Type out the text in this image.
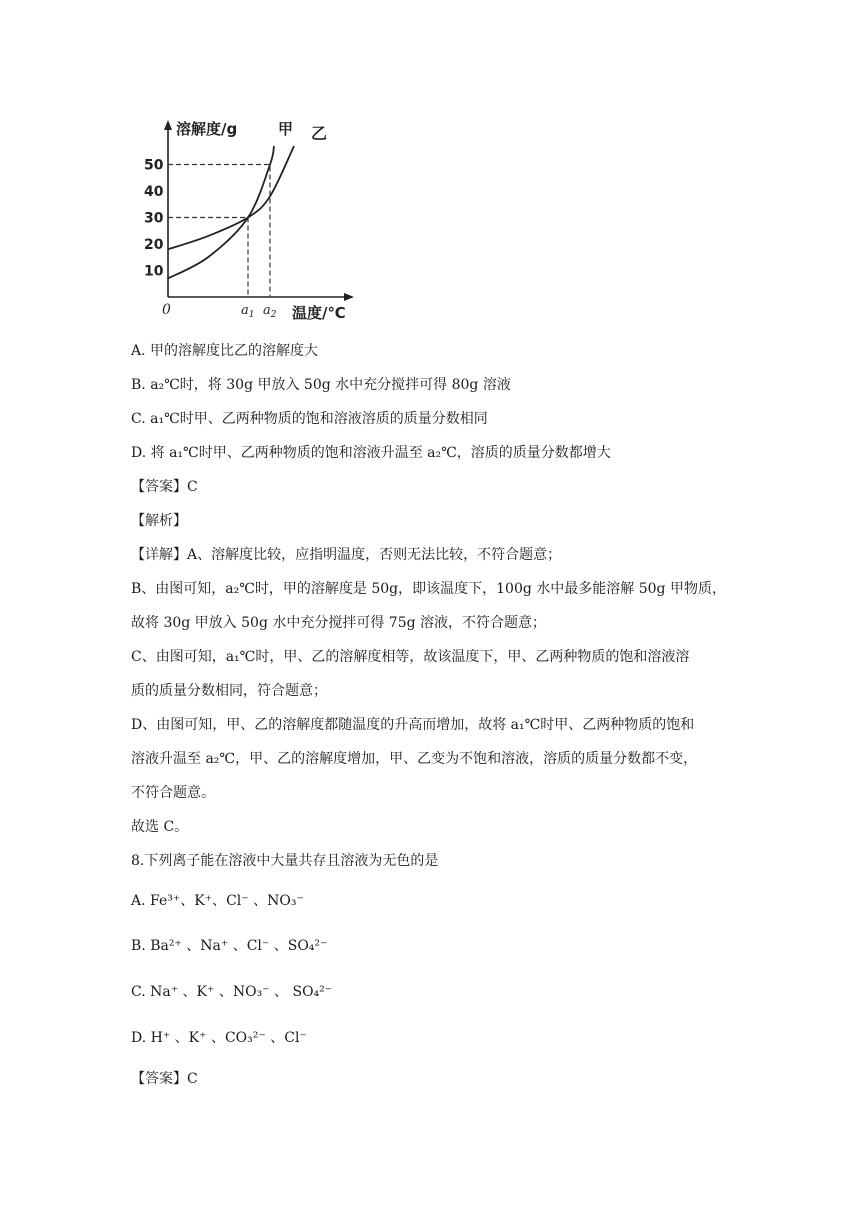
溶解度/g
温度/℃
0
10
20
30
40
50
$a_1$ $a_2$
甲 乙
A. 甲的溶解度比乙的溶解度大
B. a₂℃时，将 30g 甲放入 50g 水中充分搅拌可得 80g 溶液
C. a₁℃时甲、乙两种物质的饱和溶液溶质的质量分数相同
D. 将 a₁℃时甲、乙两种物质的饱和溶液升温至 a₂℃，溶质的质量分数都增大
【答案】C
【解析】
【详解】A、溶解度比较，应指明温度，否则无法比较，不符合题意；
B、由图可知，a₂℃时，甲的溶解度是 50g，即该温度下，100g 水中最多能溶解 50g 甲物质，
故将 30g 甲放入 50g 水中充分搅拌可得 75g 溶液，不符合题意；
C、由图可知，a₁℃时，甲、乙的溶解度相等，故该温度下，甲、乙两种物质的饱和溶液溶
质的质量分数相同，符合题意；
D、由图可知，甲、乙的溶解度都随温度的升高而增加，故将 a₁℃时甲、乙两种物质的饱和
溶液升温至 a₂℃，甲、乙的溶解度增加，甲、乙变为不饱和溶液，溶质的质量分数都不变，
不符合题意。
故选 C。
8.下列离子能在溶液中大量共存且溶液为无色的是
A. Fe³⁺、K⁺、Cl⁻ 、NO₃⁻
B. Ba²⁺ 、Na⁺ 、Cl⁻ 、SO₄²⁻
C. Na⁺ 、K⁺ 、NO₃⁻ 、 SO₄²⁻
D. H⁺ 、K⁺ 、CO₃²⁻ 、Cl⁻
【答案】C
